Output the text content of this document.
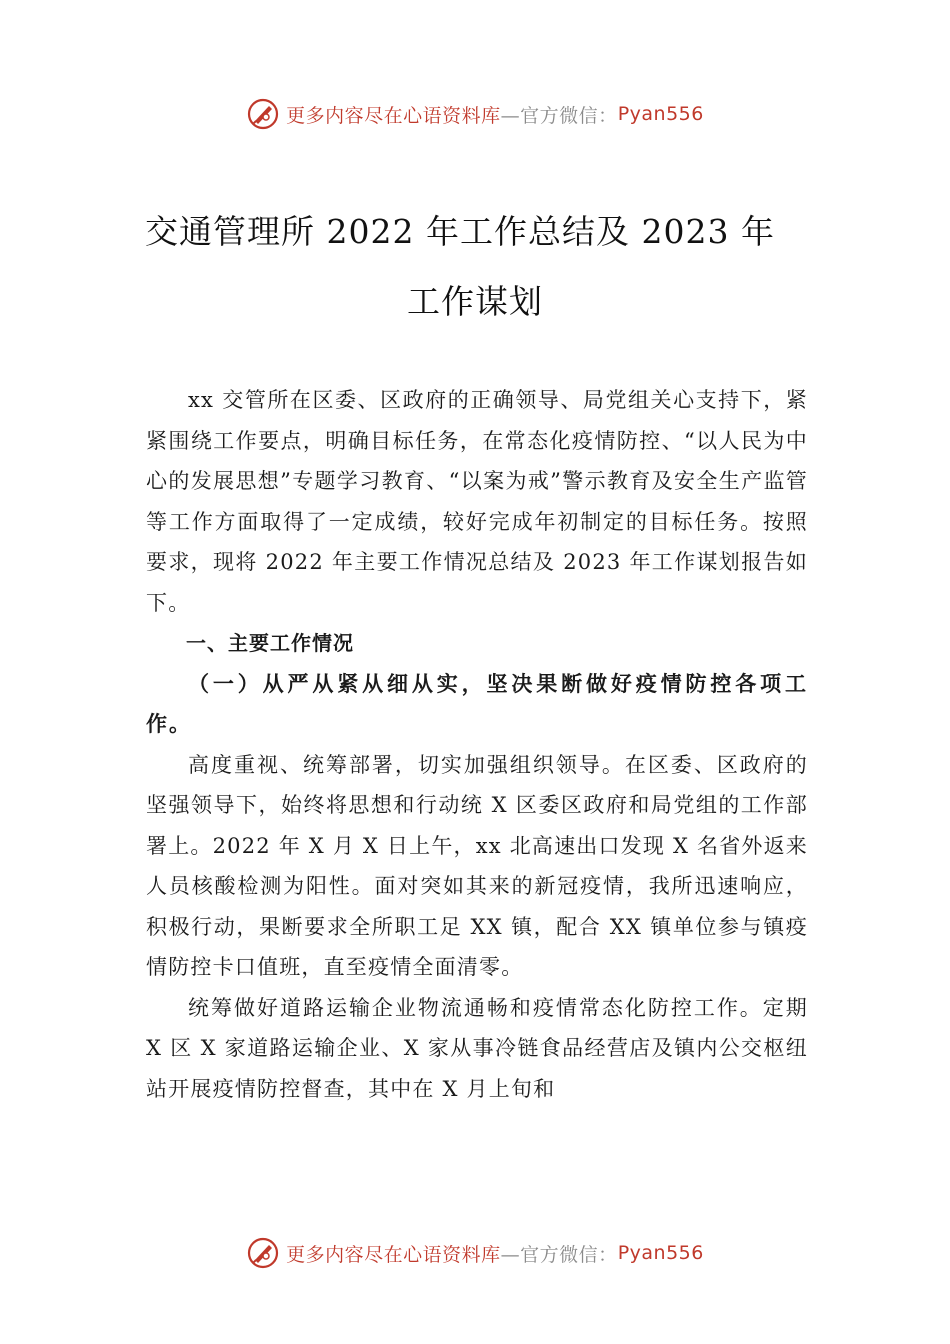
更多内容尽在心语资料库 —官方微信： Pyan556
交通管理所 2022 年工作总结及 2023 年
工作谋划

xx 交管所在区委、区政府的正确领导、局党组关心支持下，紧紧围绕工作要点，明确目标任务，在常态化疫情防控、“以人民为中心的发展思想”专题学习教育、“以案为戒”警示教育及安全生产监管等工作方面取得了一定成绩，较好完成年初制定的目标任务。按照要求，现将 2022 年主要工作情况总结及 2023 年工作谋划报告如下。

一、主要工作情况

（一）从严从紧从细从实，坚决果断做好疫情防控各项工作。

高度重视、统筹部署，切实加强组织领导。在区委、区政府的坚强领导下，始终将思想和行动统 X 区委区政府和局党组的工作部署上。2022 年 X 月 X 日上午，xx 北高速出口发现 X 名省外返来人员核酸检测为阳性。面对突如其来的新冠疫情，我所迅速响应，积极行动，果断要求全所职工足 XX 镇，配合 XX 镇单位参与镇疫情防控卡口值班，直至疫情全面清零。

统筹做好道路运输企业物流通畅和疫情常态化防控工作。定期 X 区 X 家道路运输企业、X 家从事冷链食品经营店及镇内公交枢纽站开展疫情防控督查，其中在 X 月上旬和

更多内容尽在心语资料库 —官方微信： Pyan556
